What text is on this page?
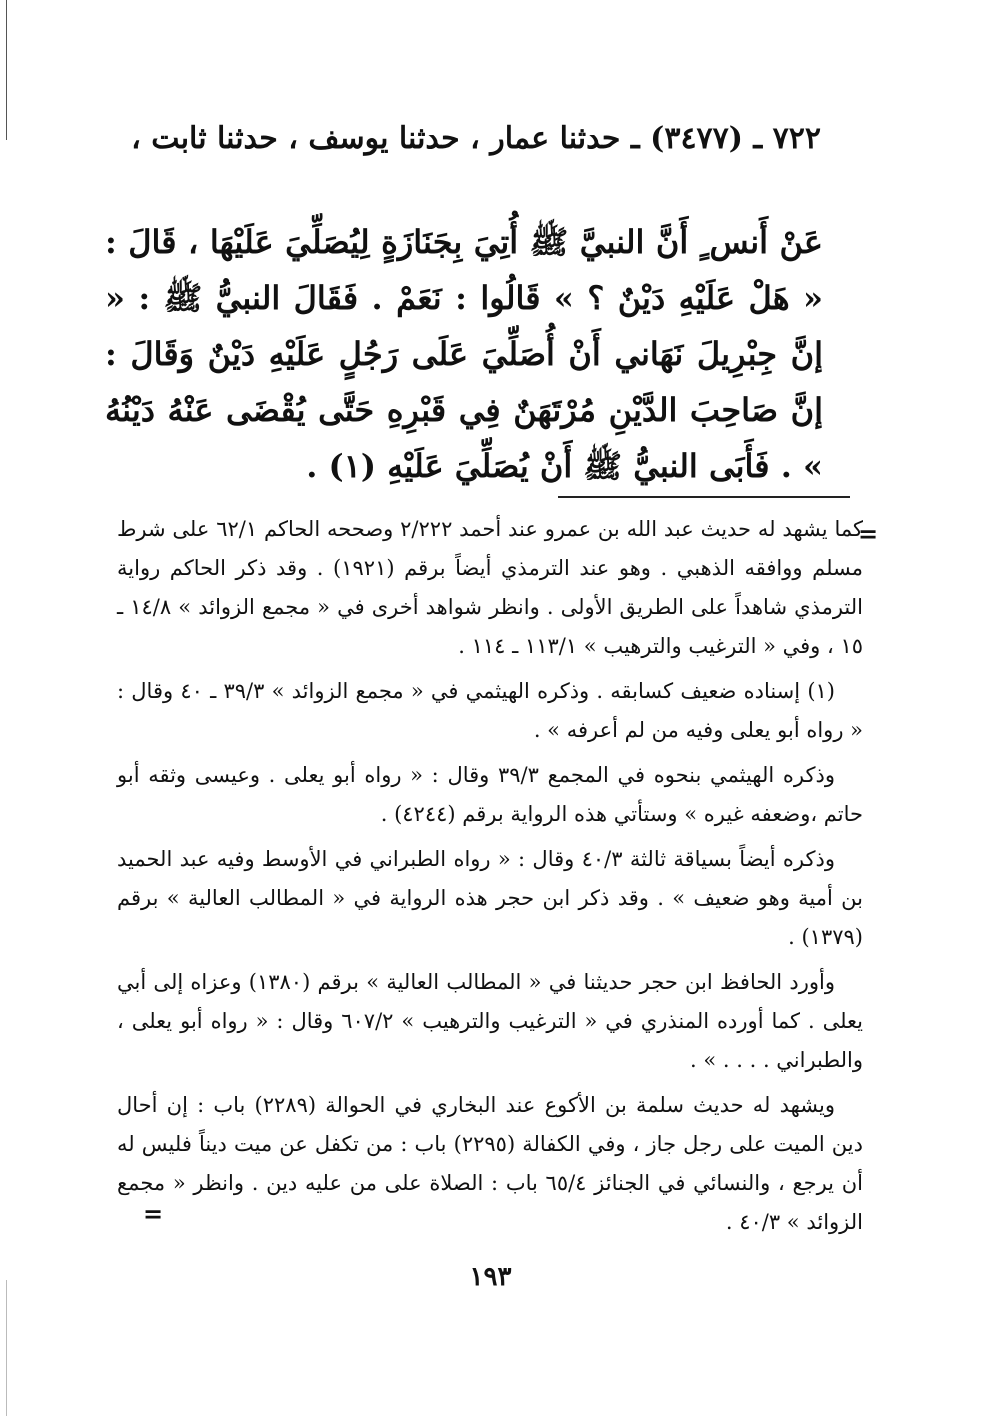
٧٢٢ ـ (٣٤٧٧) ـ حدثنا عمار ، حدثنا يوسف ، حدثنا ثابت ،
عَنْ أَنس ٍ أَنَّ النبيَّ ﷺ أُتِيَ بِجَنَازَةٍ لِيُصَلِّيَ عَلَيْهَا ، قَالَ : « هَلْ عَلَيْهِ دَيْنٌ ؟ » قَالُوا : نَعَمْ . فَقَالَ النبيُّ ﷺ : « إنَّ جِبْرِيلَ نَهَاني أَنْ أُصَلِّيَ عَلَى رَجُلٍ عَلَيْهِ دَيْنٌ وَقَالَ : إنَّ صَاحِبَ الدَّيْنِ مُرْتَهَنٌ فِي قَبْرِهِ حَتَّى يُقْضَى عَنْهُ دَيْنُهُ » . فَأَبَى النبيُّ ﷺ أَنْ يُصَلِّيَ عَلَيْهِ (١) .
=

كما يشهد له حديث عبد الله بن عمرو عند أحمد ٢/٢٢٢ وصححه الحاكم ٦٢/١ على شرط مسلم ووافقه الذهبي . وهو عند الترمذي أيضاً برقم (١٩٢١) . وقد ذكر الحاكم رواية الترمذي شاهداً على الطريق الأولى . وانظر شواهد أخرى في « مجمع الزوائد » ١٤/٨ ـ ١٥ ، وفي « الترغيب والترهيب » ١١٣/١ ـ ١١٤ .

(١) إسناده ضعيف كسابقه . وذكره الهيثمي في « مجمع الزوائد » ٣٩/٣ ـ ٤٠ وقال : « رواه أبو يعلى وفيه من لم أعرفه » .

وذكره الهيثمي بنحوه في المجمع ٣٩/٣ وقال : « رواه أبو يعلى . وعيسى وثقه أبو حاتم ،وضعفه غيره » وستأتي هذه الرواية برقم (٤٢٤٤) .

وذكره أيضاً بسياقة ثالثة ٤٠/٣ وقال : « رواه الطبراني في الأوسط وفيه عبد الحميد بن أمية وهو ضعيف » . وقد ذكر ابن حجر هذه الرواية في « المطالب العالية » برقم (١٣٧٩) .

وأورد الحافظ ابن حجر حديثنا في « المطالب العالية » برقم (١٣٨٠) وعزاه إلى أبي يعلى . كما أورده المنذري في « الترغيب والترهيب » ٦٠٧/٢ وقال : « رواه أبو يعلى ، والطبراني . . . . » .

ويشهد له حديث سلمة بن الأكوع عند البخاري في الحوالة (٢٢٨٩) باب : إن أحال دين الميت على رجل جاز ، وفي الكفالة (٢٢٩٥) باب : من تكفل عن ميت ديناً فليس له أن يرجع ، والنسائي في الجنائز ٦٥/٤ باب : الصلاة على من عليه دين . وانظر « مجمع الزوائد » ٤٠/٣ .

=
١٩٣
